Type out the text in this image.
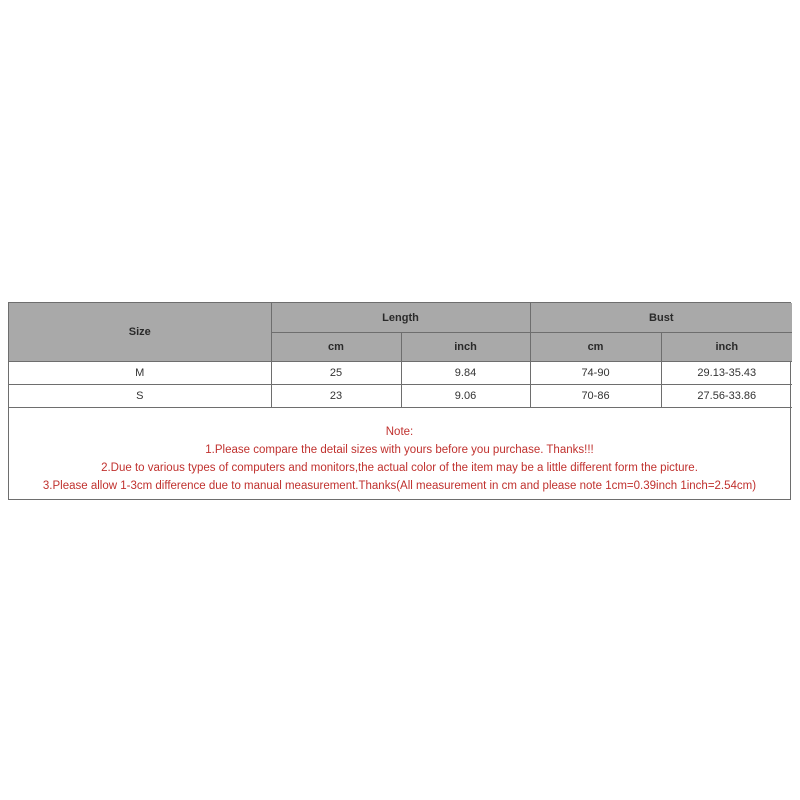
Size	Length		Bust	
	cm	inch	cm	inch
M	25	9.84	74-90	29.13-35.43
S	23	9.06	70-86	27.56-33.86
Note:
1.Please compare the detail sizes with yours before you purchase. Thanks!!!
2.Due to various types of computers and monitors,the actual color of the item may be a little different form the picture.
3.Please allow 1-3cm difference due to manual measurement.Thanks(All measurement in cm and please note 1cm=0.39inch 1inch=2.54cm)
